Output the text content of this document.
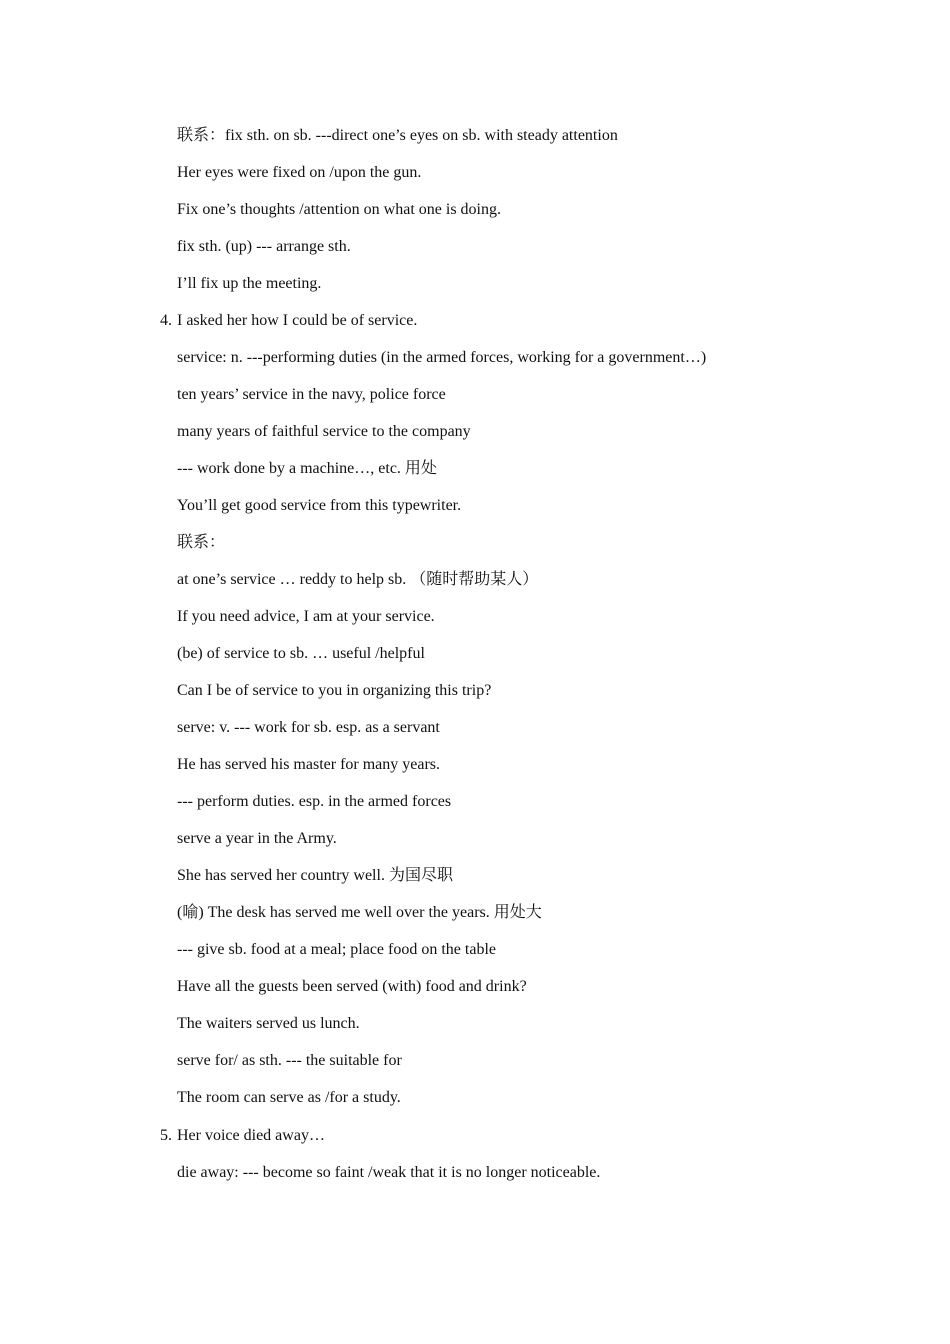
联系：fix sth. on sb. ---direct one’s eyes on sb. with steady attention
Her eyes were fixed on /upon the gun.
Fix one’s thoughts /attention on what one is doing.
fix sth. (up) --- arrange sth.
I’ll fix up the meeting.
4. I asked her how I could be of service.
service: n. ---performing duties (in the armed forces, working for a government…)
ten years’ service in the navy, police force
many years of faithful service to the company
--- work done by a machine…, etc. 用处
You’ll get good service from this typewriter.
联系：
at one’s service … reddy to help sb. （随时帮助某人）
If you need advice, I am at your service.
(be) of service to sb. … useful /helpful
Can I be of service to you in organizing this trip?
serve: v. --- work for sb. esp. as a servant
He has served his master for many years.
--- perform duties. esp. in the armed forces
serve a year in the Army.
She has served her country well. 为国尽职
(喻) The desk has served me well over the years. 用处大
--- give sb. food at a meal; place food on the table
Have all the guests been served (with) food and drink?
The waiters served us lunch.
serve for/ as sth. --- the suitable for
The room can serve as /for a study.
5. Her voice died away…
die away: --- become so faint /weak that it is no longer noticeable.
